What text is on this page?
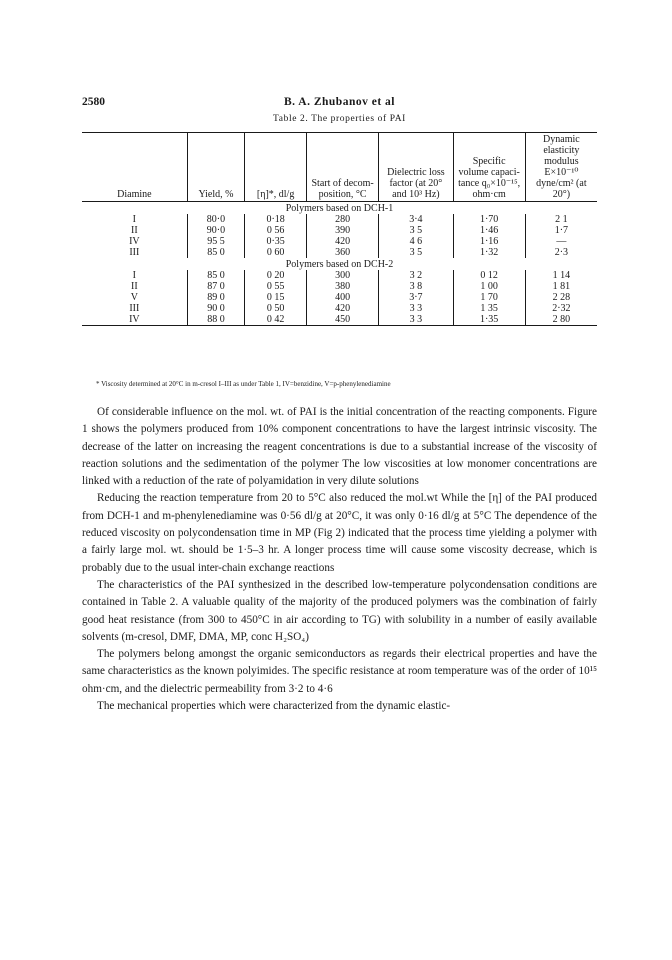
2580	B. A. Zhubanov et al
Table 2. The properties of PAI
Diamine	Yield, %	[η]*, dl/g	Start of decom-position, °C	Dielectric loss factor (at 20° and 10³ Hz)	Specific volume capaci-tance q₀×10⁻¹⁵, ohm·cm	Dynamic elasticity modulus E×10⁻¹⁰ dyne/cm² (at 20°)
Polymers based on DCH-1						
I	80·0	0·18	280	3·4	1·70	2 1
II	90·0	0 56	390	3 5	1·46	1·7
IV	95 5	0·35	420	4 6	1·16	—
III	85 0	0 60	360	3 5	1·32	2·3
Polymers based on DCH-2						
I	85 0	0 20	300	3 2	0 12	1 14
II	87 0	0 55	380	3 8	1 00	1 81
V	89 0	0 15	400	3·7	1 70	2 28
III	90 0	0 50	420	3 3	1 35	2·32
IV	88 0	0 42	450	3 3	1·35	2 80
* Viscosity determined at 20°C in m-cresol I–III as under Table 1, IV=benzidine, V=p-phenylenediamine

Of considerable influence on the mol. wt. of PAI is the initial concentration of the reacting components. Figure 1 shows the polymers produced from 10% component concentrations to have the largest intrinsic viscosity. The decrease of the latter on increasing the reagent concentrations is due to a substantial increase of the viscosity of reaction solutions and the sedimentation of the polymer The low viscosities at low monomer concentrations are linked with a reduction of the rate of polyamidation in very dilute solutions

Reducing the reaction temperature from 20 to 5°C also reduced the mol.wt While the [η] of the PAI produced from DCH-1 and m-phenylenediamine was 0·56 dl/g at 20°C, it was only 0·16 dl/g at 5°C The dependence of the reduced viscosity on polycondensation time in MP (Fig 2) indicated that the process time yielding a polymer with a fairly large mol. wt. should be 1·5–3 hr. A longer process time will cause some viscosity decrease, which is probably due to the usual inter-chain exchange reactions

The characteristics of the PAI synthesized in the described low-temperature polycondensation conditions are contained in Table 2. A valuable quality of the majority of the produced polymers was the combination of fairly good heat resistance (from 300 to 450°C in air according to TG) with solubility in a number of easily available solvents (m-cresol, DMF, DMA, MP, conc H₂SO₄)

The polymers belong amongst the organic semiconductors as regards their electrical properties and have the same characteristics as the known polyimides. The specific resistance at room temperature was of the order of 10¹⁵ ohm·cm, and the dielectric permeability from 3·2 to 4·6

The mechanical properties which were characterized from the dynamic elastic-
